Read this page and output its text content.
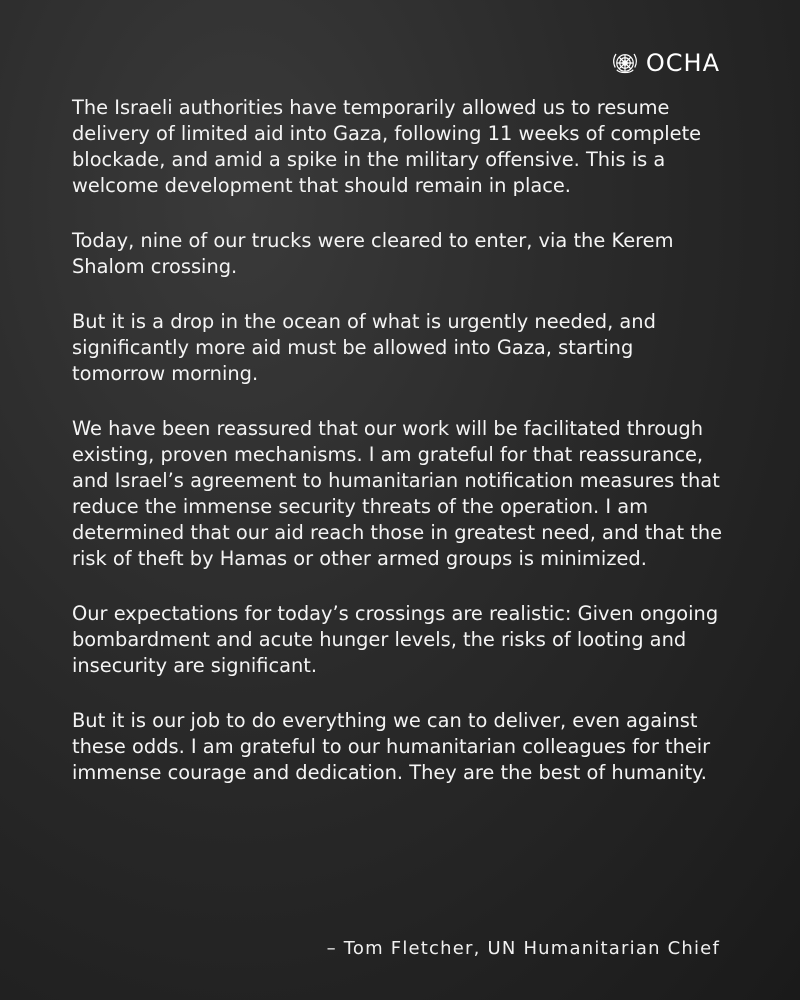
OCHA

The Israeli authorities have temporarily allowed us to resume delivery of limited aid into Gaza, following 11 weeks of complete blockade, and amid a spike in the military offensive. This is a welcome development that should remain in place.

Today, nine of our trucks were cleared to enter, via the Kerem Shalom crossing.

But it is a drop in the ocean of what is urgently needed, and significantly more aid must be allowed into Gaza, starting tomorrow morning.

We have been reassured that our work will be facilitated through existing, proven mechanisms. I am grateful for that reassurance, and Israel’s agreement to humanitarian notification measures that reduce the immense security threats of the operation. I am determined that our aid reach those in greatest need, and that the risk of theft by Hamas or other armed groups is minimized.

Our expectations for today’s crossings are realistic: Given ongoing bombardment and acute hunger levels, the risks of looting and insecurity are significant.

But it is our job to do everything we can to deliver, even against these odds. I am grateful to our humanitarian colleagues for their immense courage and dedication. They are the best of humanity.

– Tom Fletcher, UN Humanitarian Chief
